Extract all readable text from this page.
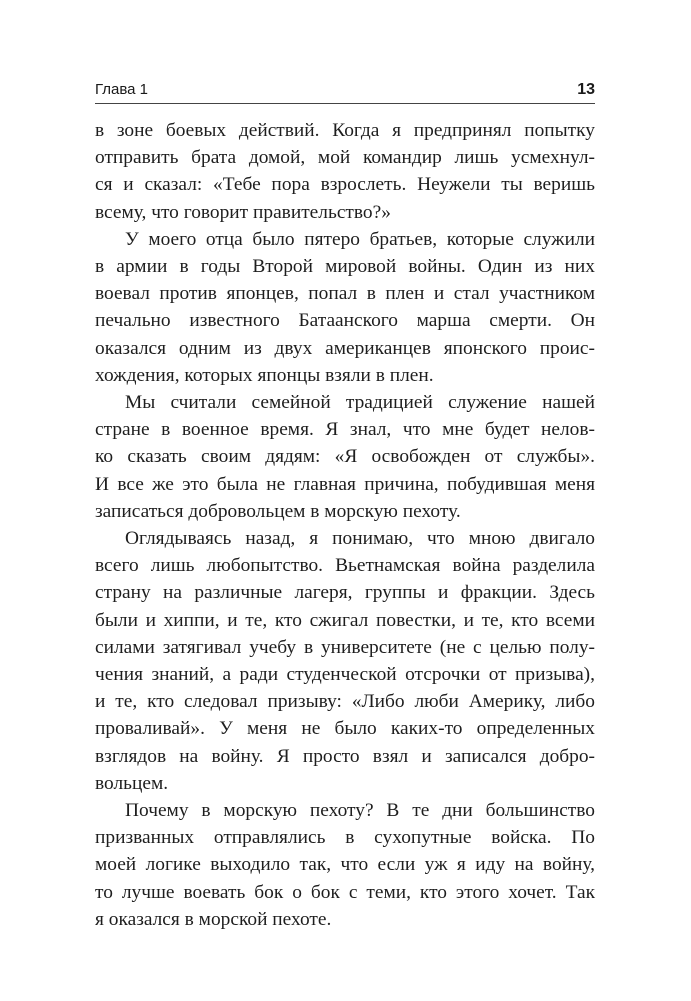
Глава 1	13

в зоне боевых действий. Когда я предпринял попытку
отправить брата домой, мой командир лишь усмехнул-
ся и сказал: «Тебе пора взрослеть. Неужели ты веришь
всему, что говорит правительство?»

У моего отца было пятеро братьев, которые служили
в армии в годы Второй мировой войны. Один из них
воевал против японцев, попал в плен и стал участником
печально известного Батаанского марша смерти. Он
оказался одним из двух американцев японского проис-
хождения, которых японцы взяли в плен.

Мы считали семейной традицией служение нашей
стране в военное время. Я знал, что мне будет нелов-
ко сказать своим дядям: «Я освобожден от службы».
И все же это была не главная причина, побудившая меня
записаться добровольцем в морскую пехоту.

Оглядываясь назад, я понимаю, что мною двигало
всего лишь любопытство. Вьетнамская война разделила
страну на различные лагеря, группы и фракции. Здесь
были и хиппи, и те, кто сжигал повестки, и те, кто всеми
силами затягивал учебу в университете (не с целью полу-
чения знаний, а ради студенческой отсрочки от призыва),
и те, кто следовал призыву: «Либо люби Америку, либо
проваливай». У меня не было каких-то определенных
взглядов на войну. Я просто взял и записался добро-
вольцем.

Почему в морскую пехоту? В те дни большинство
призванных отправлялись в сухопутные войска. По
моей логике выходило так, что если уж я иду на войну,
то лучше воевать бок о бок с теми, кто этого хочет. Так
я оказался в морской пехоте.
